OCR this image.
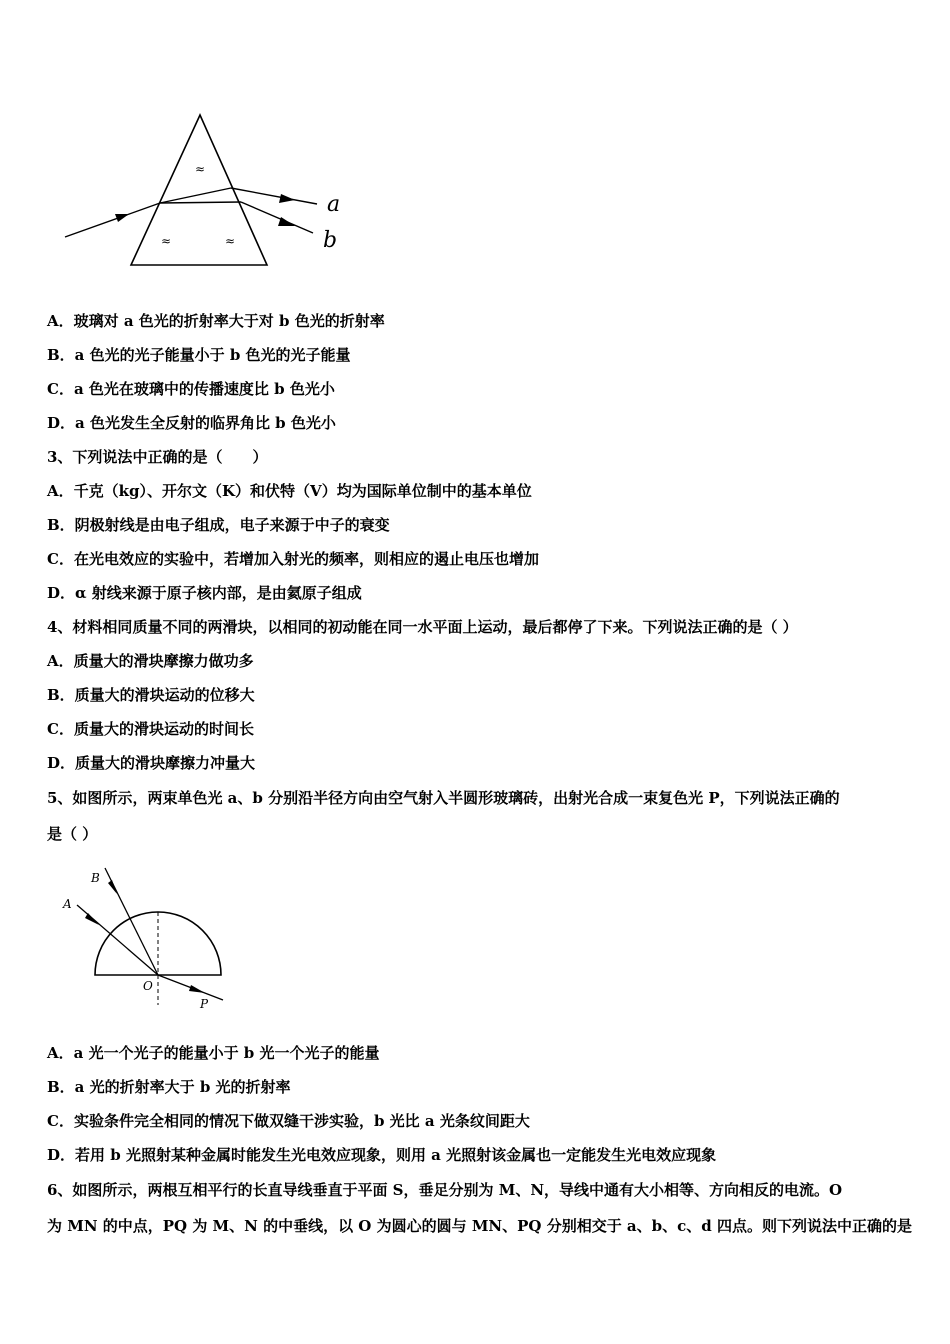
a
b
≈
≈	≈
A．玻璃对 a 色光的折射率大于对 b 色光的折射率
B．a 色光的光子能量小于 b 色光的光子能量
C．a 色光在玻璃中的传播速度比 b 色光小
D．a 色光发生全反射的临界角比 b 色光小
3、下列说法中正确的是（　　）
A．千克（kg）、开尔文（K）和伏特（V）均为国际单位制中的基本单位
B．阴极射线是由电子组成，电子来源于中子的衰变
C．在光电效应的实验中，若增加入射光的频率，则相应的遏止电压也增加
D．α 射线来源于原子核内部，是由氦原子组成
4、材料相同质量不同的两滑块，以相同的初动能在同一水平面上运动，最后都停了下来。下列说法正确的是（ ）
A．质量大的滑块摩擦力做功多
B．质量大的滑块运动的位移大
C．质量大的滑块运动的时间长
D．质量大的滑块摩擦力冲量大
5、如图所示，两束单色光 a、b 分别沿半径方向由空气射入半圆形玻璃砖，出射光合成一束复色光 P，下列说法正确的
是（ ）
A
B
O
P
A．a 光一个光子的能量小于 b 光一个光子的能量
B．a 光的折射率大于 b 光的折射率
C．实验条件完全相同的情况下做双缝干涉实验，b 光比 a 光条纹间距大
D．若用 b 光照射某种金属时能发生光电效应现象，则用 a 光照射该金属也一定能发生光电效应现象
6、如图所示，两根互相平行的长直导线垂直于平面 S，垂足分别为 M、N，导线中通有大小相等、方向相反的电流。O
为 MN 的中点，PQ 为 M、N 的中垂线，以 O 为圆心的圆与 MN、PQ 分别相交于 a、b、c、d 四点。则下列说法中正确的是
